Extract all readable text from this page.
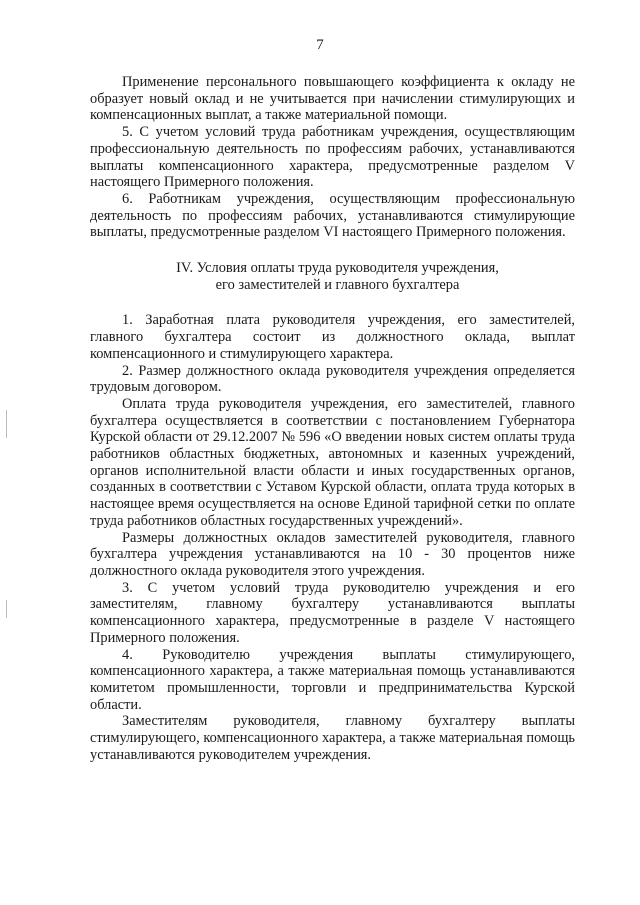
7

Применение персонального повышающего коэффициента к окладу не образует новый оклад и не учитывается при начислении стимулирующих и компенсационных выплат, а также материальной помощи.

5. С учетом условий труда работникам учреждения, осуществляющим профессиональную деятельность по профессиям рабочих, устанавливаются выплаты компенсационного характера, предусмотренные разделом V настоящего Примерного положения.

6. Работникам учреждения, осуществляющим профессиональную деятельность по профессиям рабочих, устанавливаются стимулирующие выплаты, предусмотренные разделом VI настоящего Примерного положения.

IV. Условия оплаты труда руководителя учреждения,
его заместителей и главного бухгалтера

1. Заработная плата руководителя учреждения, его заместителей, главного бухгалтера состоит из должностного оклада, выплат компенсационного и стимулирующего характера.

2. Размер должностного оклада руководителя учреждения определяется трудовым договором.

Оплата труда руководителя учреждения, его заместителей, главного бухгалтера осуществляется в соответствии с постановлением Губернатора Курской области от 29.12.2007 № 596 «О введении новых систем оплаты труда работников областных бюджетных, автономных и казенных учреждений, органов исполнительной власти области и иных государственных органов, созданных в соответствии с Уставом Курской области, оплата труда которых в настоящее время осуществляется на основе Единой тарифной сетки по оплате труда работников областных государственных учреждений».

Размеры должностных окладов заместителей руководителя, главного бухгалтера учреждения устанавливаются на 10 - 30 процентов ниже должностного оклада руководителя этого учреждения.

3. С учетом условий труда руководителю учреждения и его заместителям, главному бухгалтеру устанавливаются выплаты компенсационного характера, предусмотренные в разделе V настоящего Примерного положения.

4. Руководителю учреждения выплаты стимулирующего, компенсационного характера, а также материальная помощь устанавливаются комитетом промышленности, торговли и предпринимательства Курской области.

Заместителям руководителя, главному бухгалтеру выплаты стимулирующего, компенсационного характера, а также материальная помощь устанавливаются руководителем учреждения.
